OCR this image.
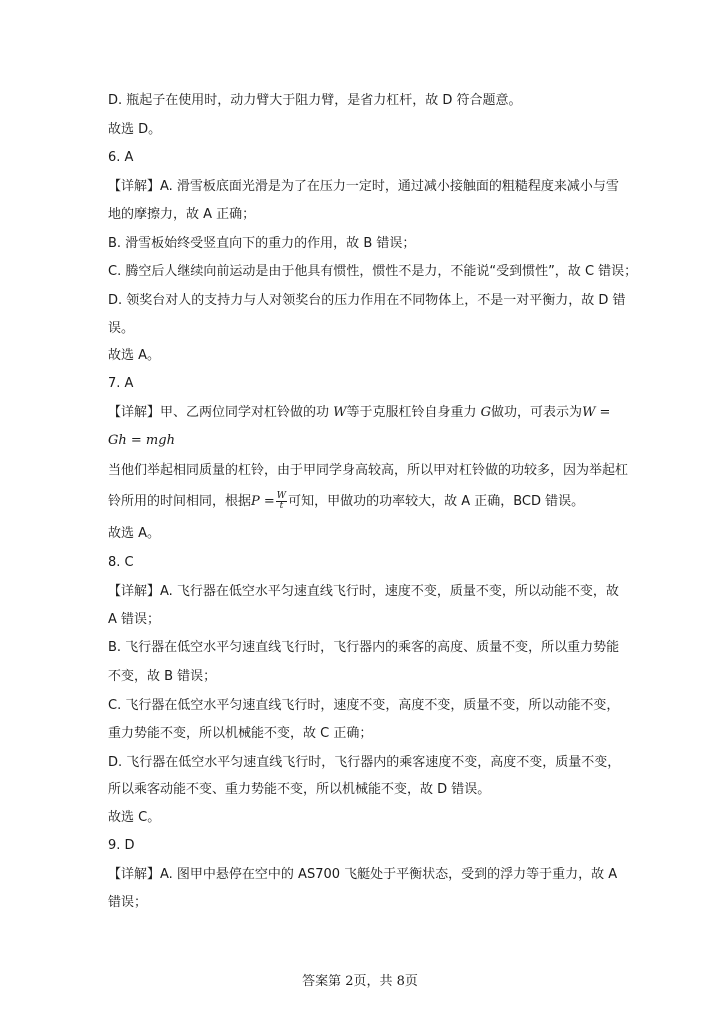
D. 瓶起子在使用时，动力臂大于阻力臂，是省力杠杆，故 D 符合题意。
故选 D。
6. A
【详解】A. 滑雪板底面光滑是为了在压力一定时，通过减小接触面的粗糙程度来减小与雪
地的摩擦力，故 A 正确；
B. 滑雪板始终受竖直向下的重力的作用，故 B 错误；
C. 腾空后人继续向前运动是由于他具有惯性，惯性不是力，不能说“受到惯性”，故 C 错误；
D. 领奖台对人的支持力与人对领奖台的压力作用在不同物体上，不是一对平衡力，故 D 错
误。
故选 A。
7. A
【详解】甲、乙两位同学对杠铃做的功 W等于克服杠铃自身重力 G做功，可表示为W =
Gh = mgh
当他们举起相同质量的杠铃，由于甲同学身高较高，所以甲对杠铃做的功较多，因为举起杠
铃所用的时间相同，根据$P = \frac{W}{t}$ 可知，甲做功的功率较大，故 A 正确，BCD 错误。
故选 A。
8. C
【详解】A. 飞行器在低空水平匀速直线飞行时，速度不变，质量不变，所以动能不变，故
A 错误；
B. 飞行器在低空水平匀速直线飞行时，飞行器内的乘客的高度、质量不变，所以重力势能
不变，故 B 错误；
C. 飞行器在低空水平匀速直线飞行时，速度不变，高度不变，质量不变，所以动能不变，
重力势能不变，所以机械能不变，故 C 正确；
D. 飞行器在低空水平匀速直线飞行时，飞行器内的乘客速度不变，高度不变，质量不变，
所以乘客动能不变、重力势能不变，所以机械能不变，故 D 错误。
故选 C。
9. D
【详解】A. 图甲中悬停在空中的 AS700 飞艇处于平衡状态，受到的浮力等于重力，故 A
错误；
答案第 2页，共 8页
